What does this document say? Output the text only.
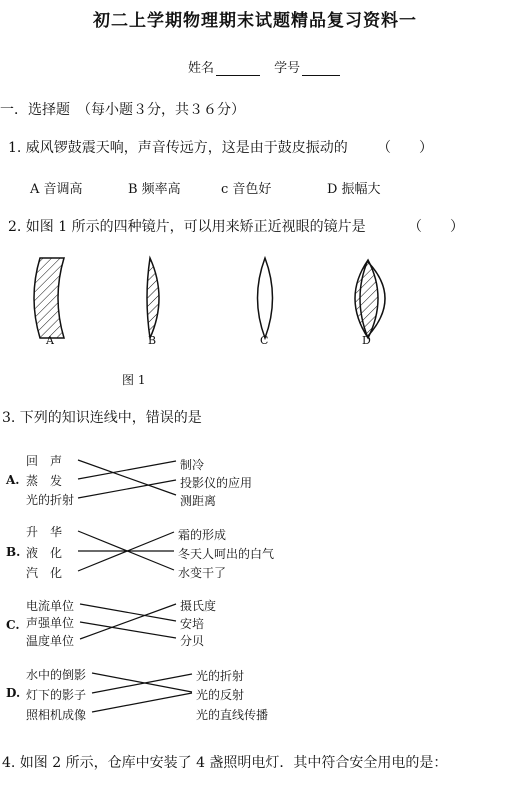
初二上学期物理期末试题精品复习资料一
姓名	学号
一．选择题　（每小题３分，共３６分）
1. 威风锣鼓震天响，声音传远方，这是由于鼓皮振动的 （　　）
A 音调高	B 频率高	c 音色好	D 振幅大
2. 如图 1 所示的四种镜片，可以用来矫正近视眼的镜片是	（　　）
A	B	C	D
图 1
3. 下列的知识连线中，错误的是
A.
回　声
蒸　发
光的折射
制冷
投影仪的应用
测距离
B.
升　华
液　化
汽　化
霜的形成
冬天人呵出的白气
水变干了
C.
电流单位
声强单位
温度单位
摄氏度
安培
分贝
D.
水中的倒影
灯下的影子
照相机成像
光的折射
光的反射
光的直线传播
4. 如图 2 所示，仓库中安装了 4 盏照明电灯．其中符合安全用电的是：
